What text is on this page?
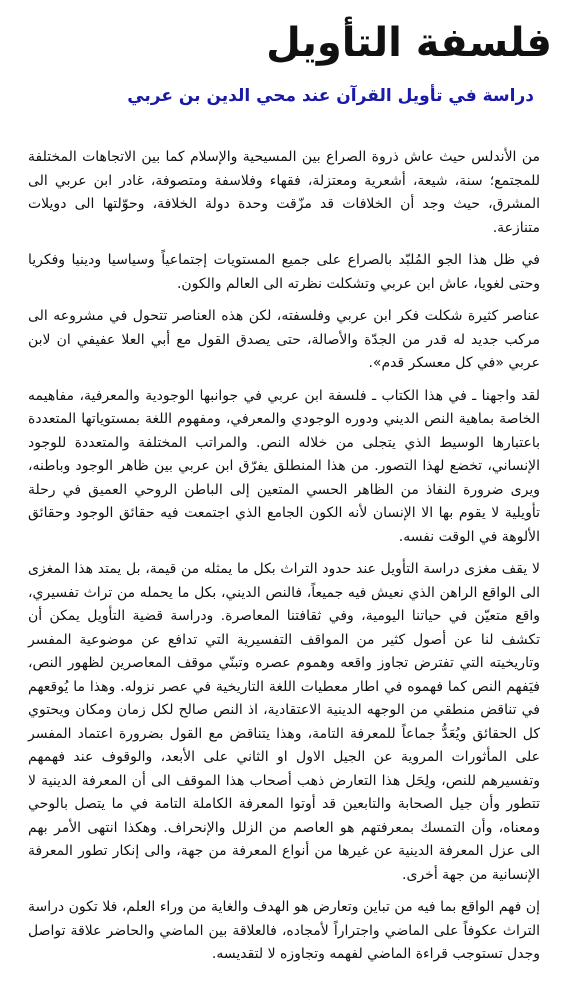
فلسفة التأويل
دراسة في تأويل القرآن عند محي الدين بن عربي

من الأندلس حيث عاش ذروة الصراع بين المسيحية والإسلام كما بين الاتجاهات المختلفة للمجتمع؛ سنة، شيعة، أشعرية ومعتزلة، فقهاء وفلاسفة ومتصوفة، غادر ابن عربي الى المشرق، حيث وجد أن الخلافات قد مزّقت وحدة دولة الخلافة، وحوّلتها الى دويلات متنازعة.

في ظل هذا الجو المُلبّد بالصراع على جميع المستويات إجتماعياً وسياسيا ودينيا وفكريا وحتى لغويا، عاش ابن عربي وتشكلت نظرته الى العالم والكون.

عناصر كثيرة شكلت فكر ابن عربي وفلسفته، لكن هذه العناصر تتحول في مشروعه الى مركب جديد له قدر من الجدّة والأصالة، حتى يصدق القول مع أبي العلا عفيفي ان لابن عربي «في كل معسكر قدم».

لقد واجهنا ـ في هذا الكتاب ـ فلسفة ابن عربي في جوانبها الوجودية والمعرفية، مفاهيمه الخاصة بماهية النص الديني ودوره الوجودي والمعرفي، ومفهوم اللغة بمستوياتها المتعددة باعتبارها الوسيط الذي يتجلى من خلاله النص. والمراتب المختلفة والمتعددة للوجود الإنساني، تخضع لهذا التصور. من هذا المنطلق يفرّق ابن عربي بين ظاهر الوجود وباطنه، ويرى ضرورة النفاذ من الظاهر الحسي المتعين إلى الباطن الروحي العميق في رحلة تأويلية لا يقوم بها الا الإنسان لأنه الكون الجامع الذي اجتمعت فيه حقائق الوجود وحقائق الألوهة في الوقت نفسه.

لا يقف مغزى دراسة التأويل عند حدود التراث بكل ما يمثله من قيمة، بل يمتد هذا المغزى الى الواقع الراهن الذي نعيش فيه جميعاً، فالنص الديني، بكل ما يحمله من تراث تفسيري، واقع متعيّن في حياتنا اليومية، وفي ثقافتنا المعاصرة. ودراسة قضية التأويل يمكن أن تكشف لنا عن أصول كثير من المواقف التفسيرية التي تدافع عن موضوعية المفسر وتاريخيته التي تفترض تجاوز واقعه وهموم عصره وتبنّي موقف المعاصرين لظهور النص، فيَفهم النص كما فهموه في اطار معطيات اللغة التاريخية في عصر نزوله. وهذا ما يُوقعهم في تناقض منطقي من الوجهه الدينية الاعتقادية، اذ النص صالح لكل زمان ومكان ويحتوي كل الحقائق ويُعَدُّ جماعاً للمعرفة التامة، وهذا يتناقض مع القول بضرورة اعتماد المفسر على المأثورات المروية عن الجيل الاول او الثاني على الأبعد، والوقوف عند فهمهم وتفسيرهم للنص، ولِحَل هذا التعارض ذهب أصحاب هذا الموقف الى أن المعرفة الدينية لا تتطور وأن جيل الصحابة والتابعين قد أوتوا المعرفة الكاملة التامة في ما يتصل بالوحي ومعناه، وأن التمسك بمعرفتهم هو العاصم من الزلل والإنحراف. وهكذا انتهى الأمر بهم الى عزل المعرفة الدينية عن غيرها من أنواع المعرفة من جهة، والى إنكار تطور المعرفة الإنسانية من جهة أخرى.

إن فهم الواقع بما فيه من تباين وتعارض هو الهدف والغاية من وراء العلم، فلا تكون دراسة التراث عكوفاً على الماضي واجتراراً لأمجاده، فالعلاقة بين الماضي والحاضر علاقة تواصل وجدل تستوجب قراءة الماضي لفهمه وتجاوزه لا لتقديسه.
